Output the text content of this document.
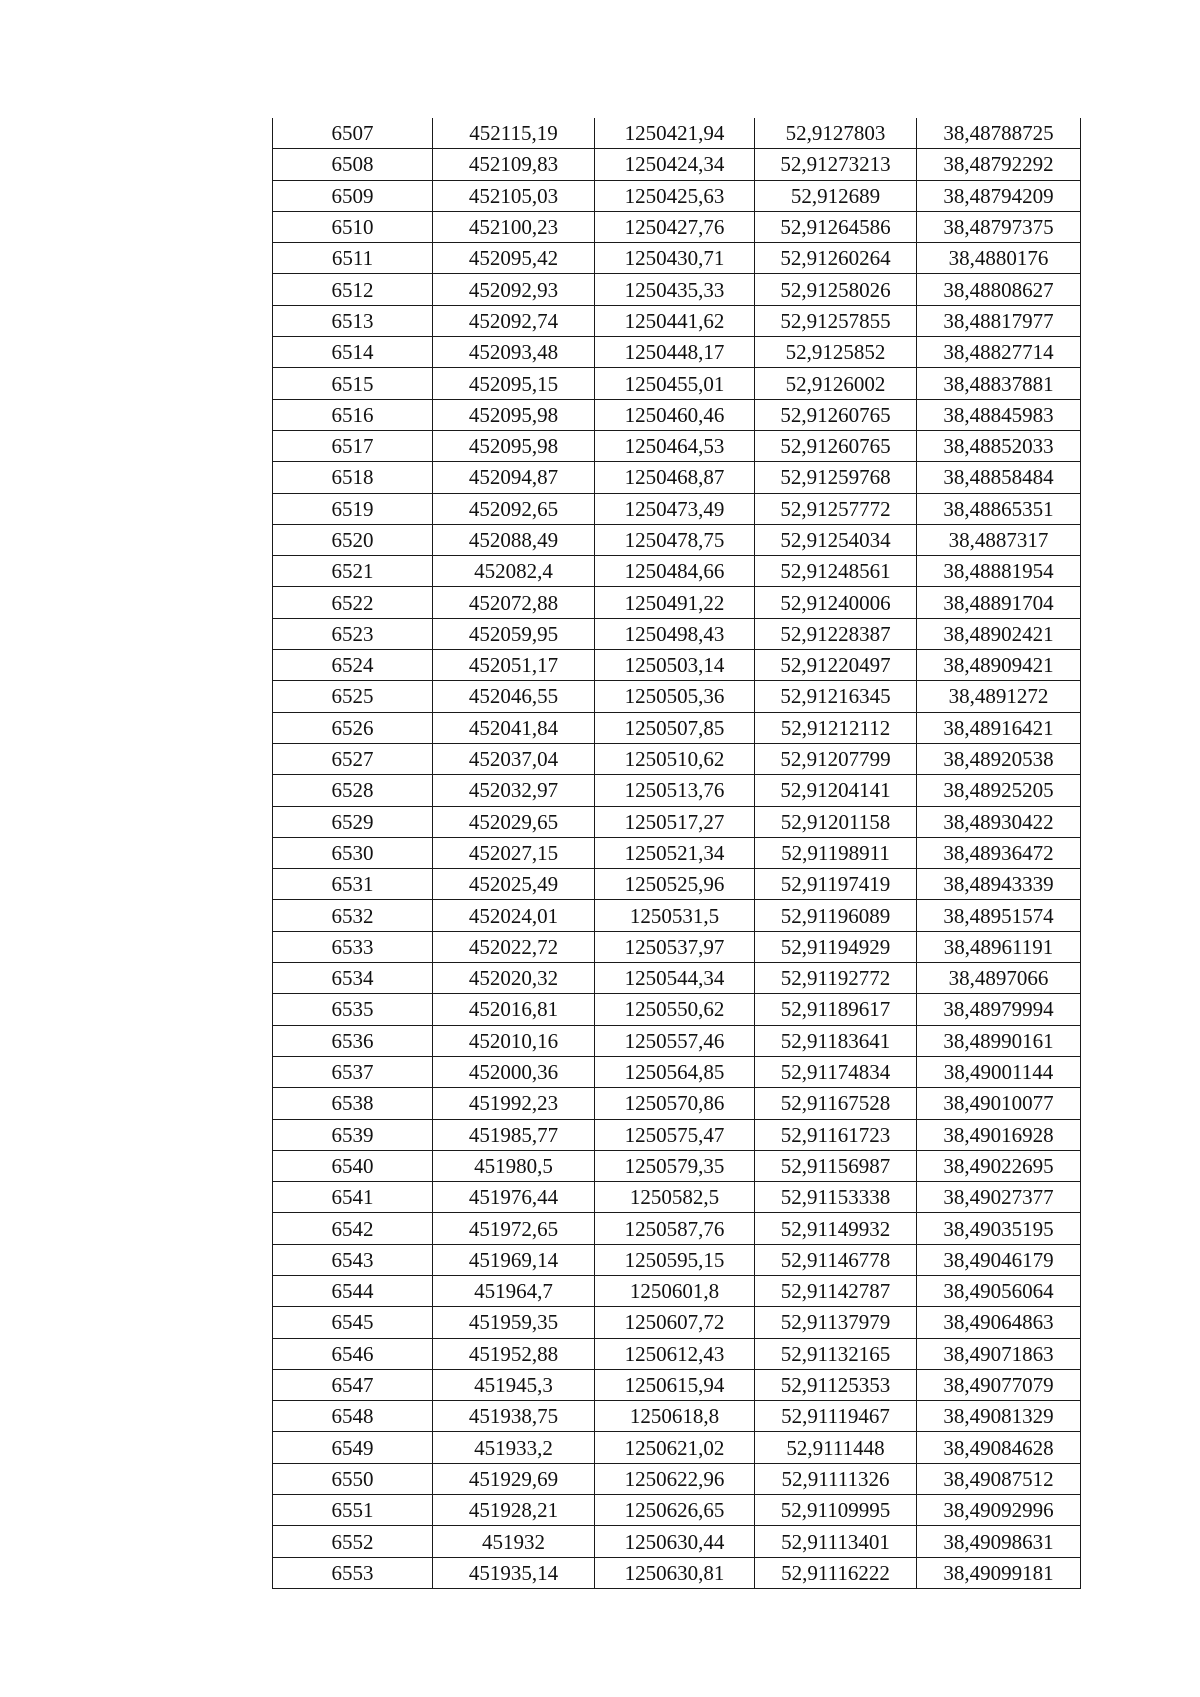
6507	452115,19	1250421,94	52,9127803	38,48788725
6508	452109,83	1250424,34	52,91273213	38,48792292
6509	452105,03	1250425,63	52,912689	38,48794209
6510	452100,23	1250427,76	52,91264586	38,48797375
6511	452095,42	1250430,71	52,91260264	38,4880176
6512	452092,93	1250435,33	52,91258026	38,48808627
6513	452092,74	1250441,62	52,91257855	38,48817977
6514	452093,48	1250448,17	52,9125852	38,48827714
6515	452095,15	1250455,01	52,9126002	38,48837881
6516	452095,98	1250460,46	52,91260765	38,48845983
6517	452095,98	1250464,53	52,91260765	38,48852033
6518	452094,87	1250468,87	52,91259768	38,48858484
6519	452092,65	1250473,49	52,91257772	38,48865351
6520	452088,49	1250478,75	52,91254034	38,4887317
6521	452082,4	1250484,66	52,91248561	38,48881954
6522	452072,88	1250491,22	52,91240006	38,48891704
6523	452059,95	1250498,43	52,91228387	38,48902421
6524	452051,17	1250503,14	52,91220497	38,48909421
6525	452046,55	1250505,36	52,91216345	38,4891272
6526	452041,84	1250507,85	52,91212112	38,48916421
6527	452037,04	1250510,62	52,91207799	38,48920538
6528	452032,97	1250513,76	52,91204141	38,48925205
6529	452029,65	1250517,27	52,91201158	38,48930422
6530	452027,15	1250521,34	52,91198911	38,48936472
6531	452025,49	1250525,96	52,91197419	38,48943339
6532	452024,01	1250531,5	52,91196089	38,48951574
6533	452022,72	1250537,97	52,91194929	38,48961191
6534	452020,32	1250544,34	52,91192772	38,4897066
6535	452016,81	1250550,62	52,91189617	38,48979994
6536	452010,16	1250557,46	52,91183641	38,48990161
6537	452000,36	1250564,85	52,91174834	38,49001144
6538	451992,23	1250570,86	52,91167528	38,49010077
6539	451985,77	1250575,47	52,91161723	38,49016928
6540	451980,5	1250579,35	52,91156987	38,49022695
6541	451976,44	1250582,5	52,91153338	38,49027377
6542	451972,65	1250587,76	52,91149932	38,49035195
6543	451969,14	1250595,15	52,91146778	38,49046179
6544	451964,7	1250601,8	52,91142787	38,49056064
6545	451959,35	1250607,72	52,91137979	38,49064863
6546	451952,88	1250612,43	52,91132165	38,49071863
6547	451945,3	1250615,94	52,91125353	38,49077079
6548	451938,75	1250618,8	52,91119467	38,49081329
6549	451933,2	1250621,02	52,9111448	38,49084628
6550	451929,69	1250622,96	52,91111326	38,49087512
6551	451928,21	1250626,65	52,91109995	38,49092996
6552	451932	1250630,44	52,91113401	38,49098631
6553	451935,14	1250630,81	52,91116222	38,49099181
